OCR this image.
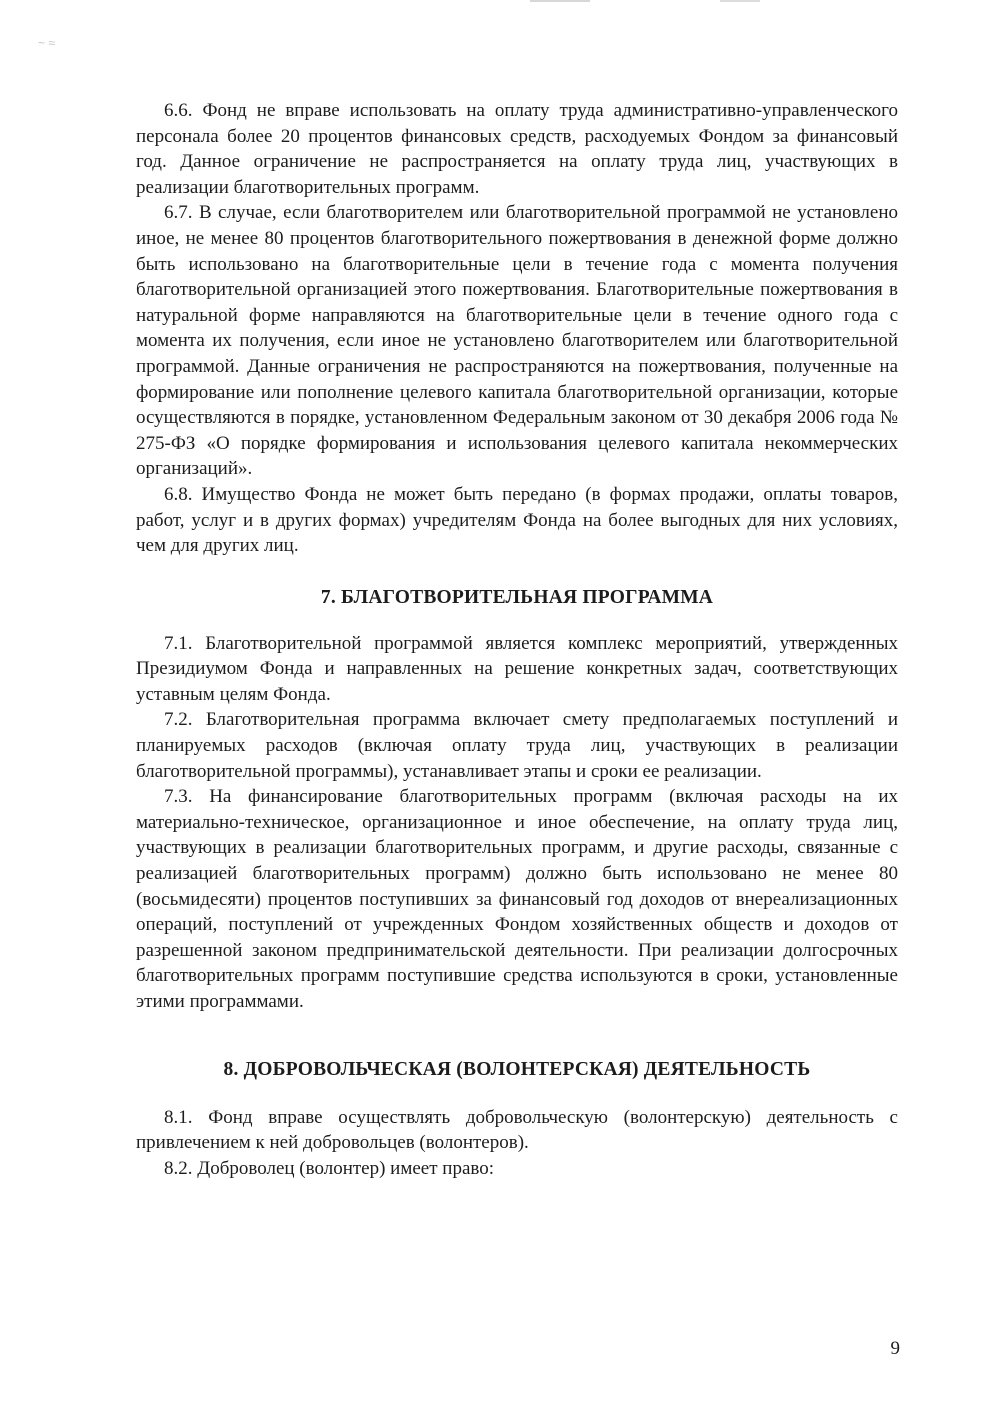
~ ≈

6.6. Фонд не вправе использовать на оплату труда административно-управленческого персонала более 20 процентов финансовых средств, расходуемых Фондом за финансовый год. Данное ограничение не распространяется на оплату труда лиц, участвующих в реализации благотворительных программ.

6.7. В случае, если благотворителем или благотворительной программой не установлено иное, не менее 80 процентов благотворительного пожертвования в денежной форме должно быть использовано на благотворительные цели в течение года с момента получения благотворительной организацией этого пожертвования. Благотворительные пожертвования в натуральной форме направляются на благотворительные цели в течение одного года с момента их получения, если иное не установлено благотворителем или благотворительной программой. Данные ограничения не распространяются на пожертвования, полученные на формирование или пополнение целевого капитала благотворительной организации, которые осуществляются в порядке, установленном Федеральным законом от 30 декабря 2006 года № 275-ФЗ «О порядке формирования и использования целевого капитала некоммерческих организаций».

6.8. Имущество Фонда не может быть передано (в формах продажи, оплаты товаров, работ, услуг и в других формах) учредителям Фонда на более выгодных для них условиях, чем для других лиц.

7. БЛАГОТВОРИТЕЛЬНАЯ ПРОГРАММА

7.1. Благотворительной программой является комплекс мероприятий, утвержденных Президиумом Фонда и направленных на решение конкретных задач, соответствующих уставным целям Фонда.

7.2. Благотворительная программа включает смету предполагаемых поступлений и планируемых расходов (включая оплату труда лиц, участвующих в реализации благотворительной программы), устанавливает этапы и сроки ее реализации.

7.3. На финансирование благотворительных программ (включая расходы на их материально-техническое, организационное и иное обеспечение, на оплату труда лиц, участвующих в реализации благотворительных программ, и другие расходы, связанные с реализацией благотворительных программ) должно быть использовано не менее 80 (восьмидесяти) процентов поступивших за финансовый год доходов от внереализационных операций, поступлений от учрежденных Фондом хозяйственных обществ и доходов от разрешенной законом предпринимательской деятельности. При реализации долгосрочных благотворительных программ поступившие средства используются в сроки, установленные этими программами.

8. ДОБРОВОЛЬЧЕСКАЯ (ВОЛОНТЕРСКАЯ) ДЕЯТЕЛЬНОСТЬ

8.1. Фонд вправе осуществлять добровольческую (волонтерскую) деятельность с привлечением к ней добровольцев (волонтеров).

8.2. Доброволец (волонтер) имеет право:

9
